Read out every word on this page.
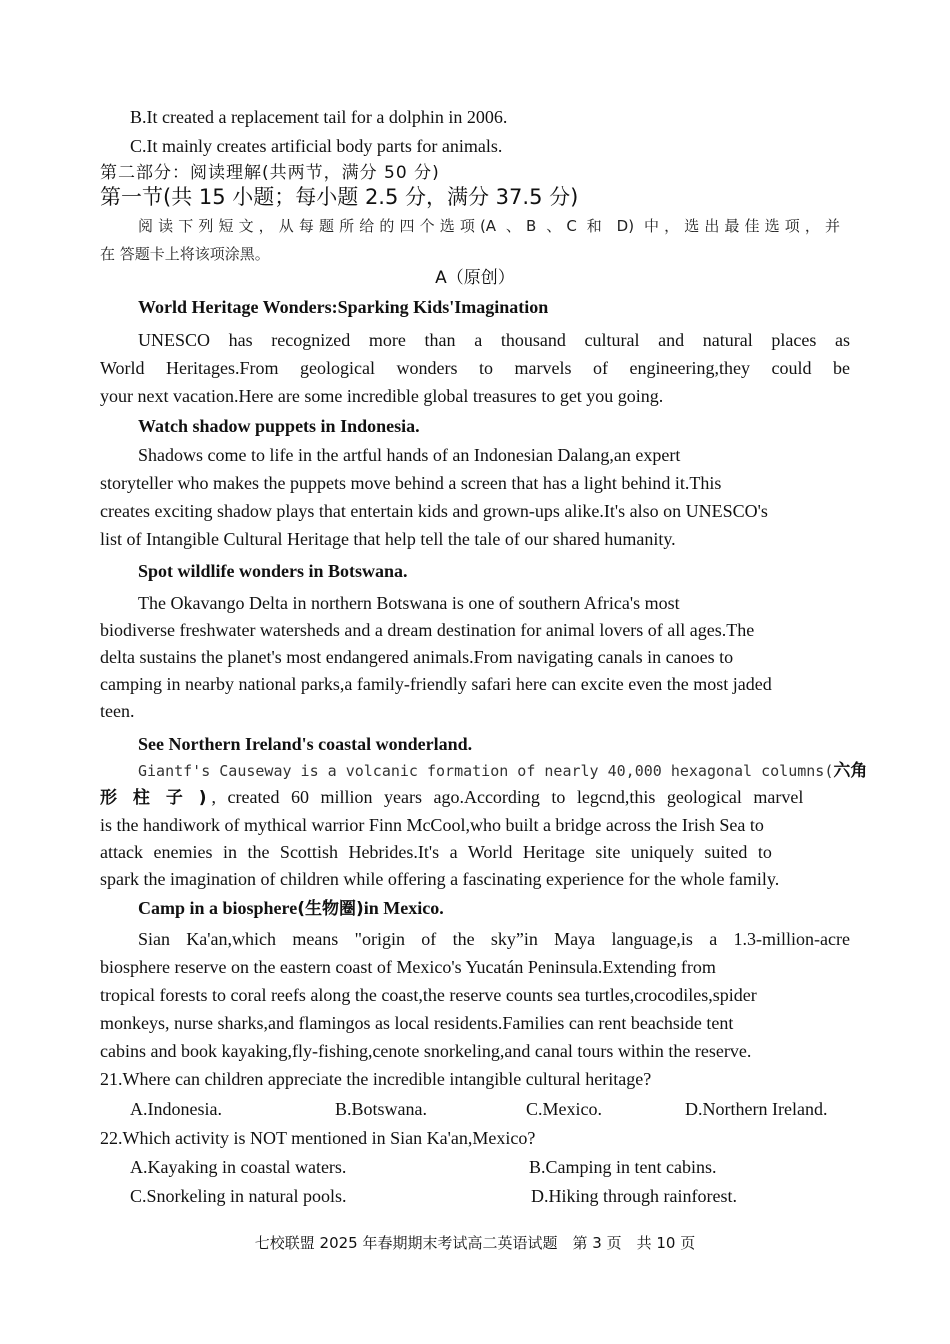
B.It created a replacement tail for a dolphin in 2006.
C.It mainly creates artificial body parts for animals.
第二部分：阅读理解(共两节，满分 50 分)
第一节(共 15 小题；每小题 2.5 分，满分 37.5 分)
阅读下列短文，从每题所给的四个选项(A 、B 、C 和 D) 中，选出最佳选项，并
在 答题卡上将该项涂黑。
A（原创）
World Heritage Wonders:Sparking Kids'Imagination
UNESCO has recognized more than a thousand cultural and natural places as
World Heritages.From geological wonders to marvels of engineering,they could be
your next vacation.Here are some incredible global treasures to get you going.
Watch shadow puppets in Indonesia.
Shadows come to life in the artful hands of an Indonesian Dalang,an expert
storyteller who makes the puppets move behind a screen that has a light behind it.This
creates exciting shadow plays that entertain kids and grown-ups alike.It's also on UNESCO's
list of Intangible Cultural Heritage that help tell the tale of our shared humanity.
Spot wildlife wonders in Botswana.
The Okavango Delta in northern Botswana is one of southern Africa's most
biodiverse freshwater watersheds and a dream destination for animal lovers of all ages.The
delta sustains the planet's most endangered animals.From navigating canals in canoes to
camping in nearby national parks,a family-friendly safari here can excite even the most jaded
teen.
See Northern Ireland's coastal wonderland.
Giantf's Causeway is a volcanic formation of nearly 40,000 hexagonal columns(六角
形 柱 子 ), created 60 million years ago.According to legcnd,this geological marvel
is the handiwork of mythical warrior Finn McCool,who built a bridge across the Irish Sea to
attack enemies in the Scottish Hebrides.It's a World Heritage site uniquely suited to
spark the imagination of children while offering a fascinating experience for the whole family.
Camp in a biosphere(生物圈)in Mexico.
Sian Ka'an,which means "origin of the sky”in Maya language,is a 1.3-million-acre
biosphere reserve on the eastern coast of Mexico's Yucatán Peninsula.Extending from
tropical forests to coral reefs along the coast,the reserve counts sea turtles,crocodiles,spider
monkeys, nurse sharks,and flamingos as local residents.Families can rent beachside tent
cabins and book kayaking,fly-fishing,cenote snorkeling,and canal tours within the reserve.
21.Where can children appreciate the incredible intangible cultural heritage?
A.Indonesia.	B.Botswana.	C.Mexico.	D.Northern Ireland.
22.Which activity is NOT mentioned in Sian Ka'an,Mexico?
A.Kayaking in coastal waters.	B.Camping in tent cabins.
C.Snorkeling in natural pools.	D.Hiking through rainforest.
七校联盟 2025 年春期期末考试高二英语试题　第 3 页　共 10 页
